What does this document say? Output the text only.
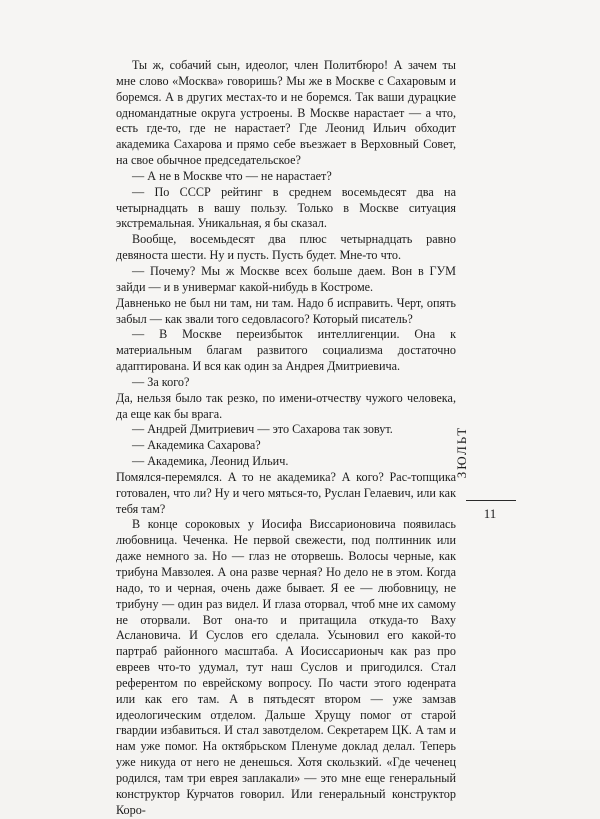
Ты ж, собачий сын, идеолог, член Политбюро! А зачем ты мне слово «Москва» говоришь? Мы же в Москве с Сахаровым и боремся. А в других местах-то и не боремся. Так ваши дурацкие одномандатные округа устроены. В Москве нарастает — а что, есть где-то, где не нарастает? Где Леонид Ильич обходит академика Сахарова и прямо себе въезжает в Верховный Совет, на свое обычное председательское?

— А не в Москве что — не нарастает?

— По СССР рейтинг в среднем восемьдесят два на четырнадцать в вашу пользу. Только в Москве ситуация экстремальная. Уникальная, я бы сказал.

Вообще, восемьдесят два плюс четырнадцать равно девяноста шести. Ну и пусть. Пусть будет. Мне-то что.

— Почему? Мы ж Москве всех больше даем. Вон в ГУМ зайди — и в универмаг какой-нибудь в Костроме.

Давненько не был ни там, ни там. Надо б исправить. Черт, опять забыл — как звали того седовласого? Который писатель?

— В Москве переизбыток интеллигенции. Она к материальным благам развитого социализма достаточно адаптирована. И вся как один за Андрея Дмитриевича.

— За кого?

Да, нельзя было так резко, по имени-отчеству чужого человека, да еще как бы врага.

— Андрей Дмитриевич — это Сахарова так зовут.

— Академика Сахарова?

— Академика, Леонид Ильич.

Помялся-перемялся. А то не академика? А кого? Рас-топщика готовален, что ли? Ну и чего мяться-то, Руслан Гелаевич, или как тебя там?

В конце сороковых у Иосифа Виссарионовича появилась любовница. Чеченка. Не первой свежести, под полтинник или даже немного за. Но — глаз не оторвешь. Волосы черные, как трибуна Мавзолея. А она разве черная? Но дело не в этом. Когда надо, то и черная, очень даже бывает. Я ее — любовницу, не трибуну — один раз видел. И глаза оторвал, чтоб мне их самому не оторвали. Вот она-то и притащила откуда-то Ваху Аслановича. И Суслов его сделала. Усыновил его какой-то партраб районного масштаба. А Иосиссарионыч как раз про евреев что-то удумал, тут наш Суслов и пригодился. Стал референтом по еврейскому вопросу. По части этого юденрата или как его там. А в пятьдесят втором — уже замзав идеологическим отделом. Дальше Хрущу помог от старой гвардии избавиться. И стал завотделом. Секретарем ЦК. А там и нам уже помог. На октябрьском Пленуме доклад делал. Теперь уже никуда от него не денешься. Хотя скользкий. «Где чеченец родился, там три еврея заплакали» — это мне еще генеральный конструктор Курчатов говорил. Или генеральный конструктор Коро-

ЗЮЛЬТ
11
